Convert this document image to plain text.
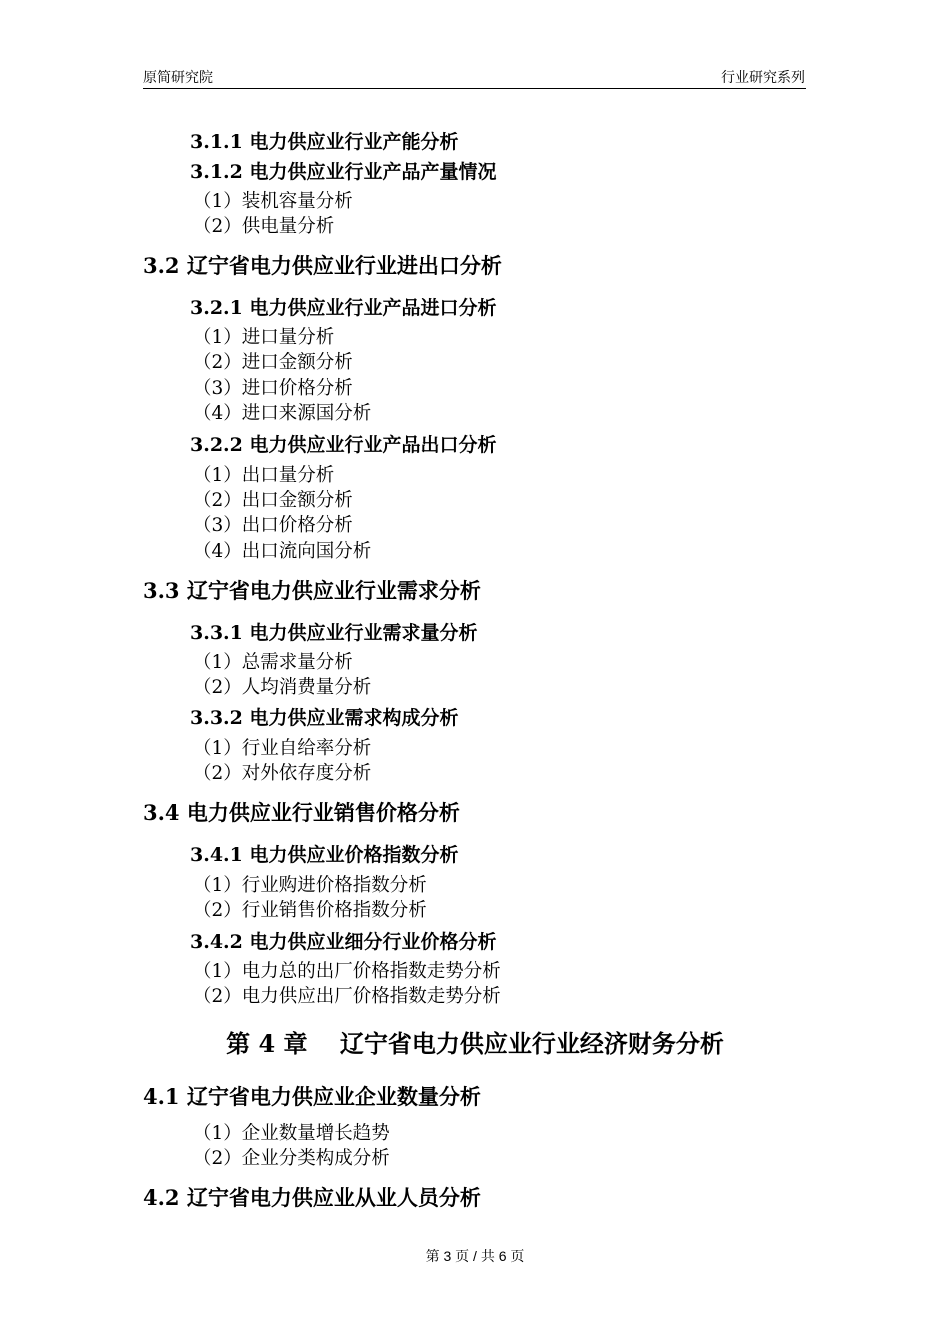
原简研究院	行业研究系列
3.1.1 电力供应业行业产能分析
3.1.2 电力供应业行业产品产量情况
（1）装机容量分析
（2）供电量分析
3.2 辽宁省电力供应业行业进出口分析
3.2.1 电力供应业行业产品进口分析
（1）进口量分析
（2）进口金额分析
（3）进口价格分析
（4）进口来源国分析
3.2.2 电力供应业行业产品出口分析
（1）出口量分析
（2）出口金额分析
（3）出口价格分析
（4）出口流向国分析
3.3 辽宁省电力供应业行业需求分析
3.3.1 电力供应业行业需求量分析
（1）总需求量分析
（2）人均消费量分析
3.3.2 电力供应业需求构成分析
（1）行业自给率分析
（2）对外依存度分析
3.4 电力供应业行业销售价格分析
3.4.1 电力供应业价格指数分析
（1）行业购进价格指数分析
（2）行业销售价格指数分析
3.4.2 电力供应业细分行业价格分析
（1）电力总的出厂价格指数走势分析
（2）电力供应出厂价格指数走势分析
第 4 章　 辽宁省电力供应业行业经济财务分析
4.1 辽宁省电力供应业企业数量分析
（1）企业数量增长趋势
（2）企业分类构成分析
4.2 辽宁省电力供应业从业人员分析
第 3 页 / 共 6 页
